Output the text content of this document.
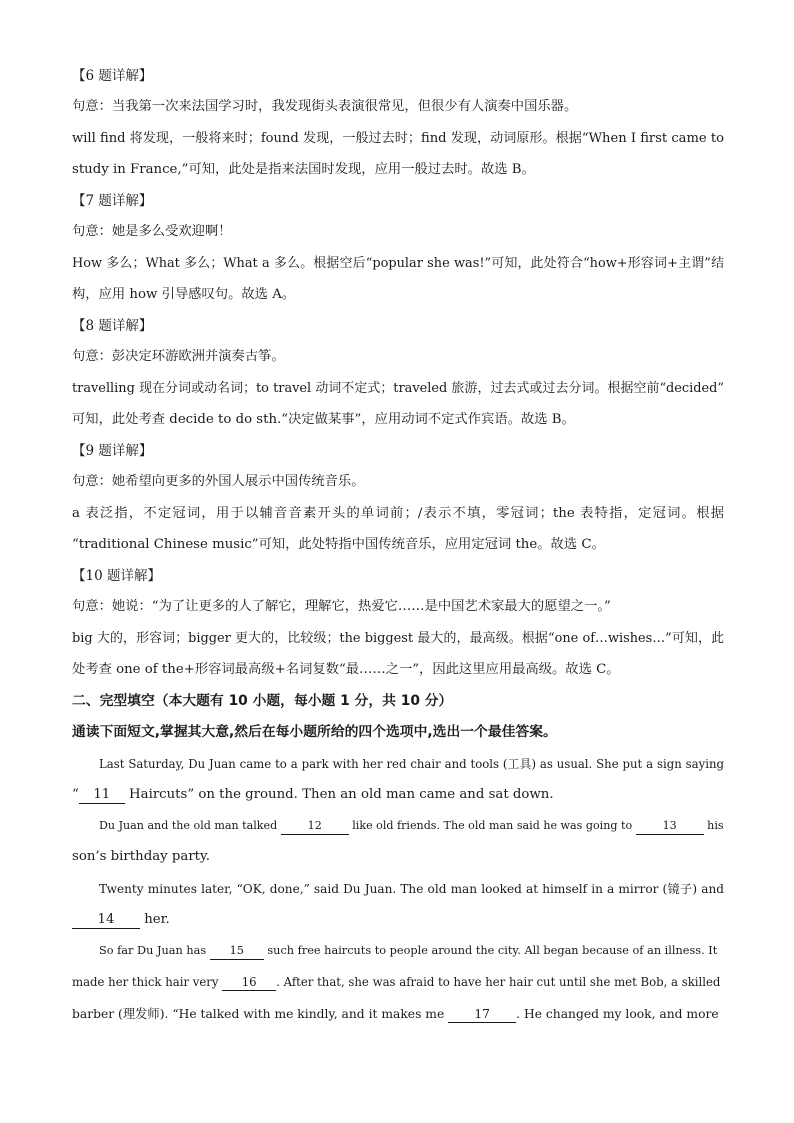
【6 题详解】
句意：当我第一次来法国学习时，我发现街头表演很常见，但很少有人演奏中国乐器。
will find 将发现，一般将来时；found 发现，一般过去时；find 发现，动词原形。根据“When I first came to
study in France,”可知，此处是指来法国时发现，应用一般过去时。故选 B。
【7 题详解】
句意：她是多么受欢迎啊！
How 多么；What 多么；What a 多么。根据空后“popular she was!”可知，此处符合“how+形容词+主谓”结
构，应用 how 引导感叹句。故选 A。
【8 题详解】
句意：彭决定环游欧洲并演奏古筝。
travelling 现在分词或动名词；to travel 动词不定式；traveled 旅游，过去式或过去分词。根据空前“decided”
可知，此处考查 decide to do sth.“决定做某事”，应用动词不定式作宾语。故选 B。
【9 题详解】
句意：她希望向更多的外国人展示中国传统音乐。
a 表泛指，不定冠词，用于以辅音音素开头的单词前；/表示不填，零冠词；the 表特指，定冠词。根据
“traditional Chinese music”可知，此处特指中国传统音乐，应用定冠词 the。故选 C。
【10 题详解】
句意：她说：“为了让更多的人了解它，理解它，热爱它……是中国艺术家最大的愿望之一。”
big 大的，形容词；bigger 更大的，比较级；the biggest 最大的，最高级。根据“one of…wishes…”可知，此
处考查 one of the+形容词最高级+名词复数“最……之一”，因此这里应用最高级。故选 C。
二、完型填空（本大题有 10 小题，每小题 1 分，共 10 分）
通读下面短文,掌握其大意,然后在每小题所给的四个选项中,选出一个最佳答案。
Last Saturday, Du Juan came to a park with her red chair and tools (工具) as usual. She put a sign saying
“ 11 Haircuts” on the ground. Then an old man came and sat down.
Du Juan and the old man talked 12 like old friends. The old man said he was going to 13 his
son’s birthday party.
Twenty minutes later, “OK, done,” said Du Juan. The old man looked at himself in a mirror (镜子) and
14 her.
So far Du Juan has 15 such free haircuts to people around the city. All began because of an illness. It
made her thick hair very 16 . After that, she was afraid to have her hair cut until she met Bob, a skilled
barber (理发师). “He talked with me kindly, and it makes me 17 . He changed my look, and more
